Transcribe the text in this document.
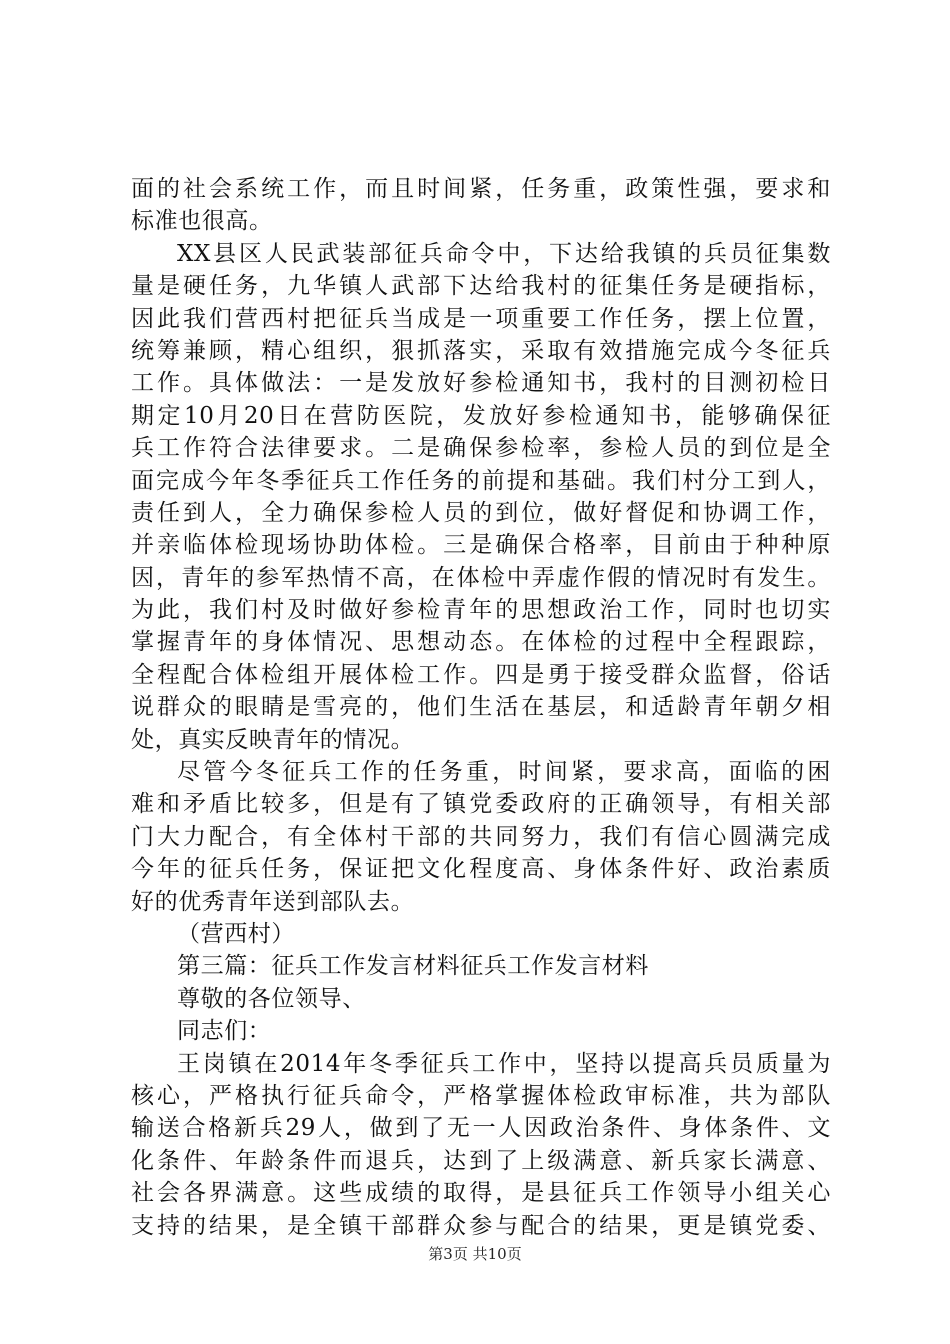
面的社会系统工作，而且时间紧，任务重，政策性强，要求和
标准也很高。
XX县区人民武装部征兵命令中，下达给我镇的兵员征集数
量是硬任务，九华镇人武部下达给我村的征集任务是硬指标，
因此我们营西村把征兵当成是一项重要工作任务，摆上位置，
统筹兼顾，精心组织，狠抓落实，采取有效措施完成今冬征兵
工作。具体做法：一是发放好参检通知书，我村的目测初检日
期定10月20日在营防医院，发放好参检通知书，能够确保征
兵工作符合法律要求。二是确保参检率，参检人员的到位是全
面完成今年冬季征兵工作任务的前提和基础。我们村分工到人，
责任到人，全力确保参检人员的到位，做好督促和协调工作，
并亲临体检现场协助体检。三是确保合格率，目前由于种种原
因，青年的参军热情不高，在体检中弄虚作假的情况时有发生。
为此，我们村及时做好参检青年的思想政治工作，同时也切实
掌握青年的身体情况、思想动态。在体检的过程中全程跟踪，
全程配合体检组开展体检工作。四是勇于接受群众监督，俗话
说群众的眼睛是雪亮的，他们生活在基层，和适龄青年朝夕相
处，真实反映青年的情况。
尽管今冬征兵工作的任务重，时间紧，要求高，面临的困
难和矛盾比较多，但是有了镇党委政府的正确领导，有相关部
门大力配合，有全体村干部的共同努力，我们有信心圆满完成
今年的征兵任务，保证把文化程度高、身体条件好、政治素质
好的优秀青年送到部队去。
（营西村）
第三篇：征兵工作发言材料征兵工作发言材料
尊敬的各位领导、
同志们：
王岗镇在2014年冬季征兵工作中，坚持以提高兵员质量为
核心，严格执行征兵命令，严格掌握体检政审标准，共为部队
输送合格新兵29人，做到了无一人因政治条件、身体条件、文
化条件、年龄条件而退兵，达到了上级满意、新兵家长满意、
社会各界满意。这些成绩的取得，是县征兵工作领导小组关心
支持的结果，是全镇干部群众参与配合的结果，更是镇党委、
第3页 共10页
